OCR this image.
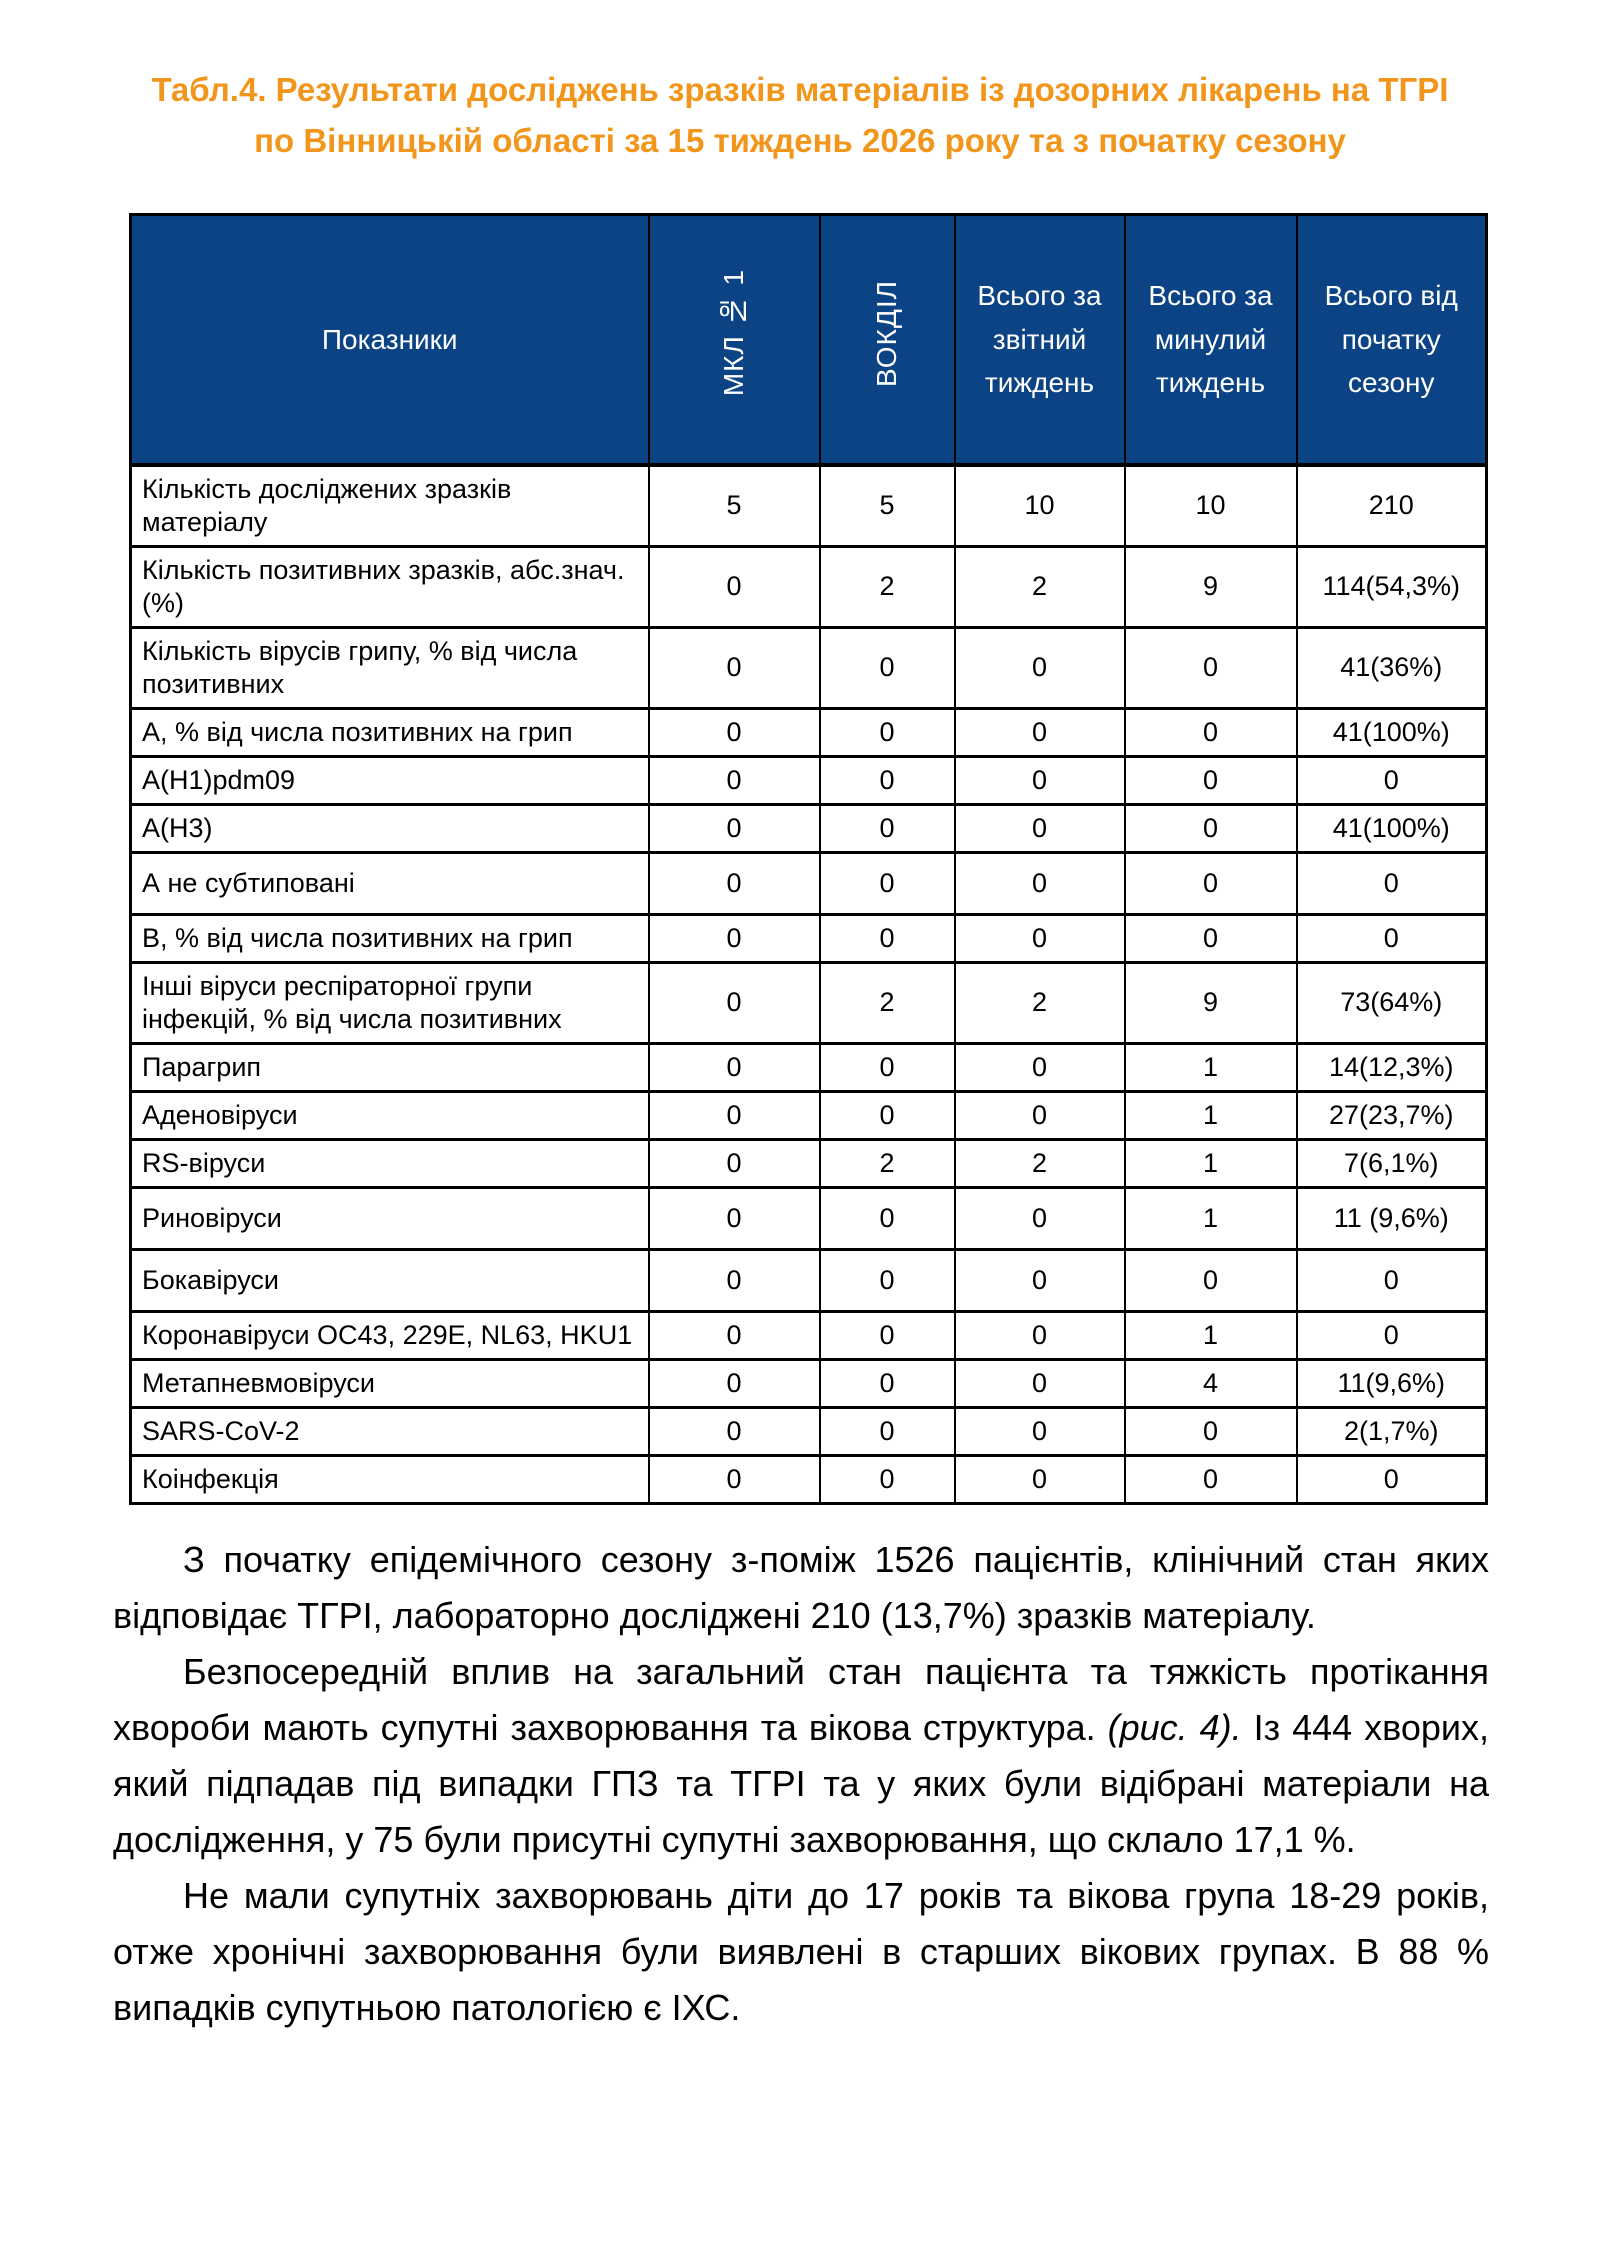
Табл.4. Результати досліджень зразків матеріалів із дозорних лікарень на ТГРІ
по Вінницькій області за 15 тиждень 2026 року та з початку сезону
Показники	МКЛ № 1	ВОКДІЛ	Всього за звітний тиждень	Всього за минулий тиждень	Всього від початку сезону
Кількість досліджених зразків матеріалу	5	5	10	10	210
Кількість позитивних зразків, абс.знач. (%)	0	2	2	9	114(54,3%)
Кількість вірусів грипу, % від числа позитивних	0	0	0	0	41(36%)
А, % від числа позитивних на грип	0	0	0	0	41(100%)
A(H1)pdm09	0	0	0	0	0
A(H3)	0	0	0	0	41(100%)
А не субтиповані	0	0	0	0	0
В, % від числа позитивних на грип	0	0	0	0	0
Інші віруси респіраторної групи інфекцій, % від числа позитивних	0	2	2	9	73(64%)
Парагрип	0	0	0	1	14(12,3%)
Аденовіруси	0	0	0	1	27(23,7%)
RS-віруси	0	2	2	1	7(6,1%)
Риновіруси	0	0	0	1	11 (9,6%)
Бокавіруси	0	0	0	0	0
Коронавіруси OC43, 229E, NL63, HKU1	0	0	0	1	0
Метапневмовіруси	0	0	0	4	11(9,6%)
SARS-CoV-2	0	0	0	0	2(1,7%)
Коінфекція	0	0	0	0	0

З початку епідемічного сезону з-поміж 1526 пацієнтів, клінічний стан яких відповідає ТГРІ, лабораторно досліджені 210 (13,7%) зразків матеріалу.

Безпосередній вплив на загальний стан пацієнта та тяжкість протікання хвороби мають супутні захворювання та вікова структура. (рис. 4). Із 444 хворих, який підпадав під випадки ГПЗ та ТГРІ та у яких були відібрані матеріали на дослідження, у 75 були присутні супутні захворювання, що склало 17,1 %.

Не мали супутніх захворювань діти до 17 років та вікова група 18-29 років, отже хронічні захворювання були виявлені в старших вікових групах. В 88 % випадків супутньою патологією є ІХС.
